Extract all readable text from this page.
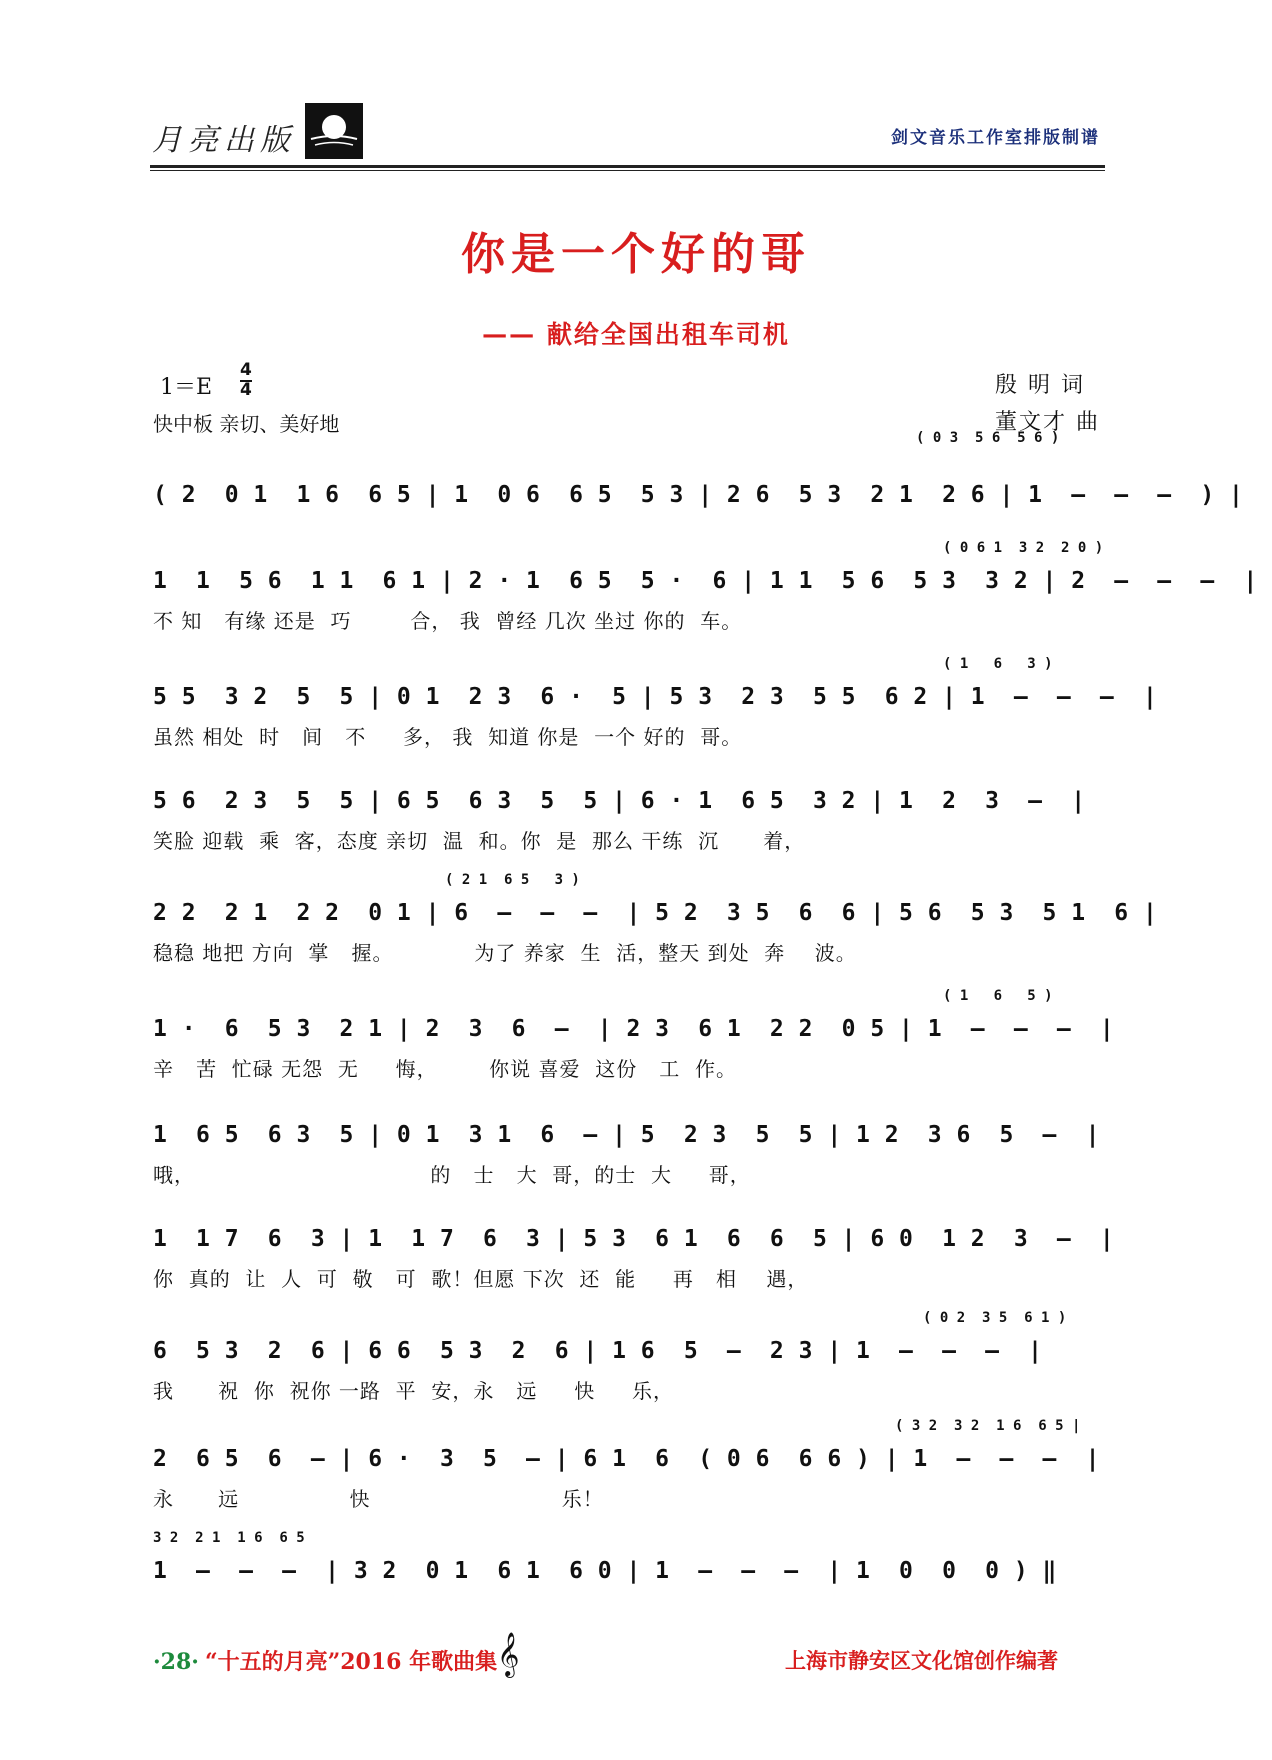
月亮出版	剑文音乐工作室排版制谱
你是一个好的哥
—— 献给全国出租车司机
1＝E
4
4
快中板 亲切、美好地
殷 明 词
董文才 曲
( 0 3  5 6  5 6 )
( 2  0 1  1 6  6 5 | 1  0 6  6 5  5 3 | 2 6  5 3  2 1  2 6 | 1  –  –  –  ) |
( 0 6 1  3 2  2 0 )
1  1  5 6  1 1  6 1 | 2 · 1  6 5  5 ·  6 | 1 1  5 6  5 3  3 2 | 2  –  –  –  |
不 知   有缘 还是  巧        合， 我  曾经 几次 坐过 你的  车。
( 1   6   3 )
5 5  3 2  5  5 | 0 1  2 3  6 ·  5 | 5 3  2 3  5 5  6 2 | 1  –  –  –  |
虽然 相处  时   间   不     多， 我  知道 你是  一个 好的  哥。
5 6  2 3  5  5 | 6 5  6 3  5  5 | 6 · 1  6 5  3 2 | 1  2  3  –  |
笑脸 迎载  乘  客，态度 亲切  温  和。你  是  那么 干练  沉      着，
( 2 1  6 5   3 )
2 2  2 1  2 2  0 1 | 6  –  –  –  | 5 2  3 5  6  6 | 5 6  5 3  5 1  6 |
稳稳 地把 方向  掌   握。           为了 养家  生  活，整天 到处  奔    波。
( 1   6   5 )
1 ·  6  5 3  2 1 | 2  3  6  –  | 2 3  6 1  2 2  0 5 | 1  –  –  –  |
辛   苦  忙碌 无怨  无     悔，       你说 喜爱  这份   工  作。
1  6 5  6 3  5 | 0 1  3 1  6  – | 5  2 3  5  5 | 1 2  3 6  5  –  |
哦，                                的   士   大  哥，的士  大     哥，
1  1 7  6  3 | 1  1 7  6  3 | 5 3  6 1  6  6  5 | 6 0  1 2  3  –  |
你  真的  让  人  可  敬   可  歌！但愿 下次  还  能     再   相    遇，
( 0 2  3 5  6 1 )
6  5 3  2  6 | 6 6  5 3  2  6 | 1 6  5  –  2 3 | 1  –  –  –  |
我      祝  你  祝你 一路  平  安，永   远     快     乐，
( 3 2  3 2  1 6  6 5 |
2  6 5  6  – | 6 ·  3  5  – | 6 1  6  ( 0 6  6 6 ) | 1  –  –  –  |
永      远               快                          乐！
3 2  2 1  1 6  6 5
1  –  –  –  | 3 2  0 1  6 1  6 0 | 1  –  –  –  | 1  0  0  0 ) ‖
·28· “十五的月亮”2016 年歌曲集 𝄞	上海市静安区文化馆创作编著
